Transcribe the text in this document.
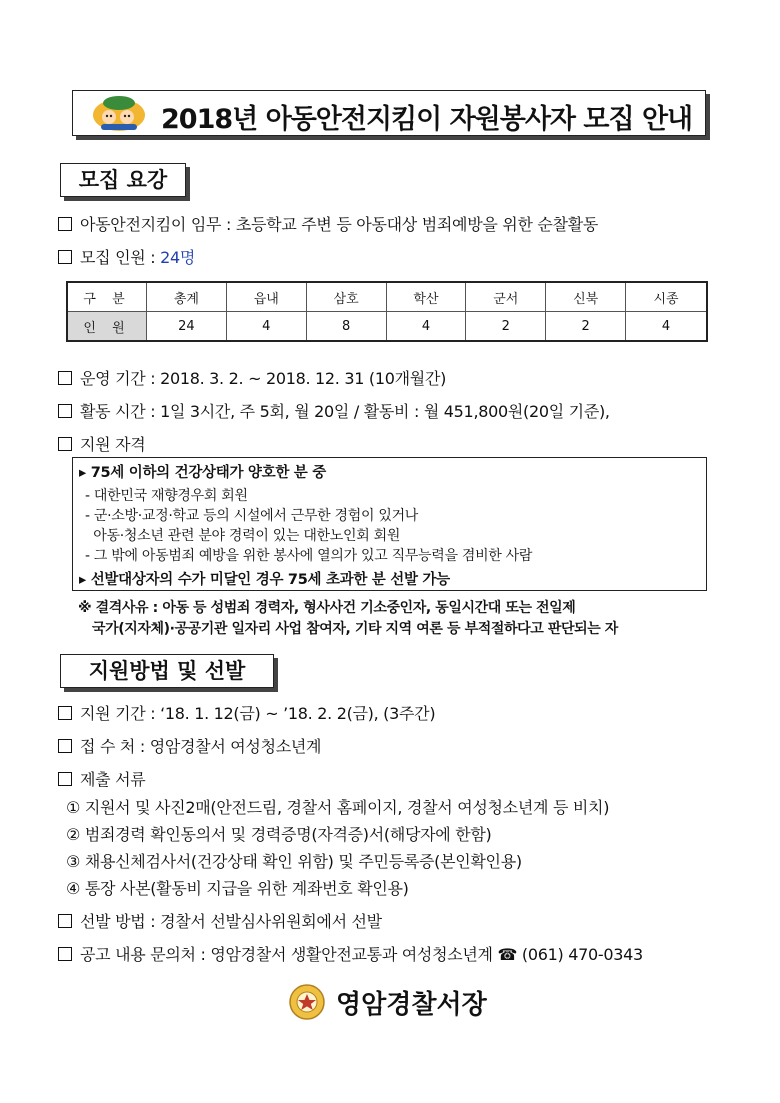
2018년 아동안전지킴이 자원봉사자 모집 안내
모집 요강
아동안전지킴이 임무 : 초등학교 주변 등 아동대상 범죄예방을 위한 순찰활동
모집 인원 : 24명
구 분	총계	읍내	삼호	학산	군서	신북	시종
인 원	24	4	8	4	2	2	4
운영 기간 : 2018. 3. 2. ~ 2018. 12. 31 (10개월간)
활동 시간 : 1일 3시간, 주 5회, 월 20일 / 활동비 : 월 451,800원(20일 기준),
지원 자격
▸ 75세 이하의 건강상태가 양호한 분 중
- 대한민국 재향경우회 회원
- 군·소방·교정·학교 등의 시설에서 근무한 경험이 있거나
아동·청소년 관련 분야 경력이 있는 대한노인회 회원
- 그 밖에 아동범죄 예방을 위한 봉사에 열의가 있고 직무능력을 겸비한 사람
▸ 선발대상자의 수가 미달인 경우 75세 초과한 분 선발 가능
※ 결격사유 : 아동 등 성범죄 경력자, 형사사건 기소중인자, 동일시간대 또는 전일제
국가(지자체)·공공기관 일자리 사업 참여자, 기타 지역 여론 등 부적절하다고 판단되는 자
지원방법 및 선발
지원 기간 : ‘18. 1. 12(금) ~ ’18. 2. 2(금), (3주간)
접 수 처 : 영암경찰서 여성청소년계
제출 서류
① 지원서 및 사진2매(안전드림, 경찰서 홈페이지, 경찰서 여성청소년계 등 비치)
② 범죄경력 확인동의서 및 경력증명(자격증)서(해당자에 한함)
③ 채용신체검사서(건강상태 확인 위함) 및 주민등록증(본인확인용)
④ 통장 사본(활동비 지급을 위한 계좌번호 확인용)
선발 방법 : 경찰서 선발심사위원회에서 선발
공고 내용 문의처 : 영암경찰서 생활안전교통과 여성청소년계 ☎ (061) 470-0343
영암경찰서장
